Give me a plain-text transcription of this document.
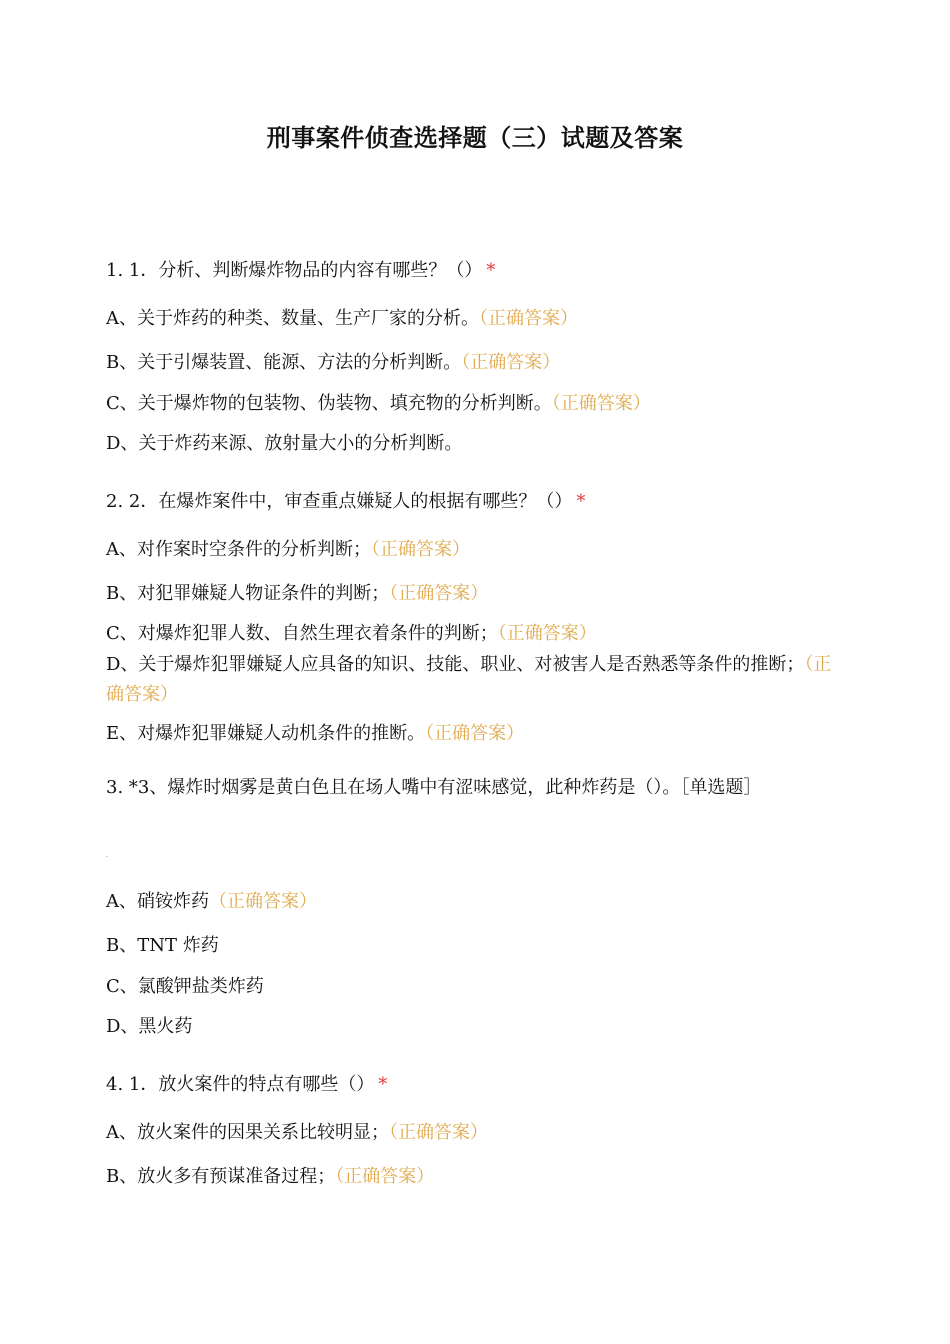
刑事案件侦查选择题（三）试题及答案
1. 1．分析、判断爆炸物品的内容有哪些？（） *
A、关于炸药的种类、数量、生产厂家的分析。（正确答案）
B、关于引爆装置、能源、方法的分析判断。（正确答案）
C、关于爆炸物的包装物、伪装物、填充物的分析判断。（正确答案）
D、关于炸药来源、放射量大小的分析判断。
2. 2．在爆炸案件中，审查重点嫌疑人的根据有哪些？（） *
A、对作案时空条件的分析判断；（正确答案）
B、对犯罪嫌疑人物证条件的判断；（正确答案）
C、对爆炸犯罪人数、自然生理衣着条件的判断；（正确答案）
D、关于爆炸犯罪嫌疑人应具备的知识、技能、职业、对被害人是否熟悉等条件的推断；（正确答案）
E、对爆炸犯罪嫌疑人动机条件的推断。（正确答案）
3. *3、爆炸时烟雾是黄白色且在场人嘴中有涩味感觉，此种炸药是（）。［单选题］
.
A、硝铵炸药（正确答案）
B、TNT 炸药
C、氯酸钾盐类炸药
D、黑火药
4. 1．放火案件的特点有哪些（） *
A、放火案件的因果关系比较明显；（正确答案）
B、放火多有预谋准备过程；（正确答案）
